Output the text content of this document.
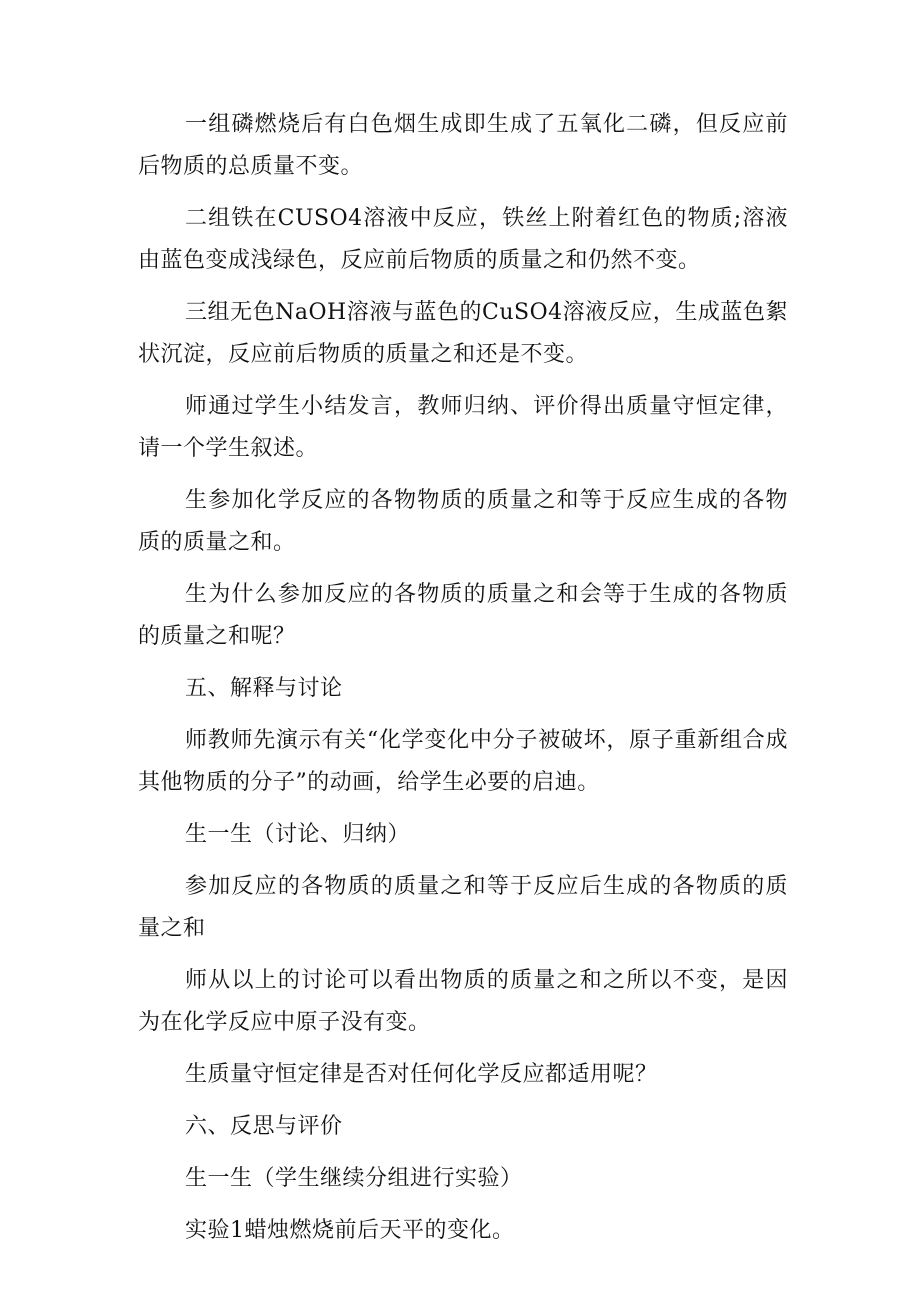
一组磷燃烧后有白色烟生成即生成了五氧化二磷，但反应前后物质的总质量不变。

二组铁在CUSO4溶液中反应，铁丝上附着红色的物质;溶液由蓝色变成浅绿色，反应前后物质的质量之和仍然不变。

三组无色NaOH溶液与蓝色的CuSO4溶液反应，生成蓝色絮状沉淀，反应前后物质的质量之和还是不变。

师通过学生小结发言，教师归纳、评价得出质量守恒定律，请一个学生叙述。

生参加化学反应的各物物质的质量之和等于反应生成的各物质的质量之和。

生为什么参加反应的各物质的质量之和会等于生成的各物质的质量之和呢？

五、解释与讨论

师教师先演示有关“化学变化中分子被破坏，原子重新组合成其他物质的分子”的动画，给学生必要的启迪。

生一生（讨论、归纳）

参加反应的各物质的质量之和等于反应后生成的各物质的质量之和

师从以上的讨论可以看出物质的质量之和之所以不变，是因为在化学反应中原子没有变。

生质量守恒定律是否对任何化学反应都适用呢？

六、反思与评价

生一生（学生继续分组进行实验）

实验1蜡烛燃烧前后天平的变化。
